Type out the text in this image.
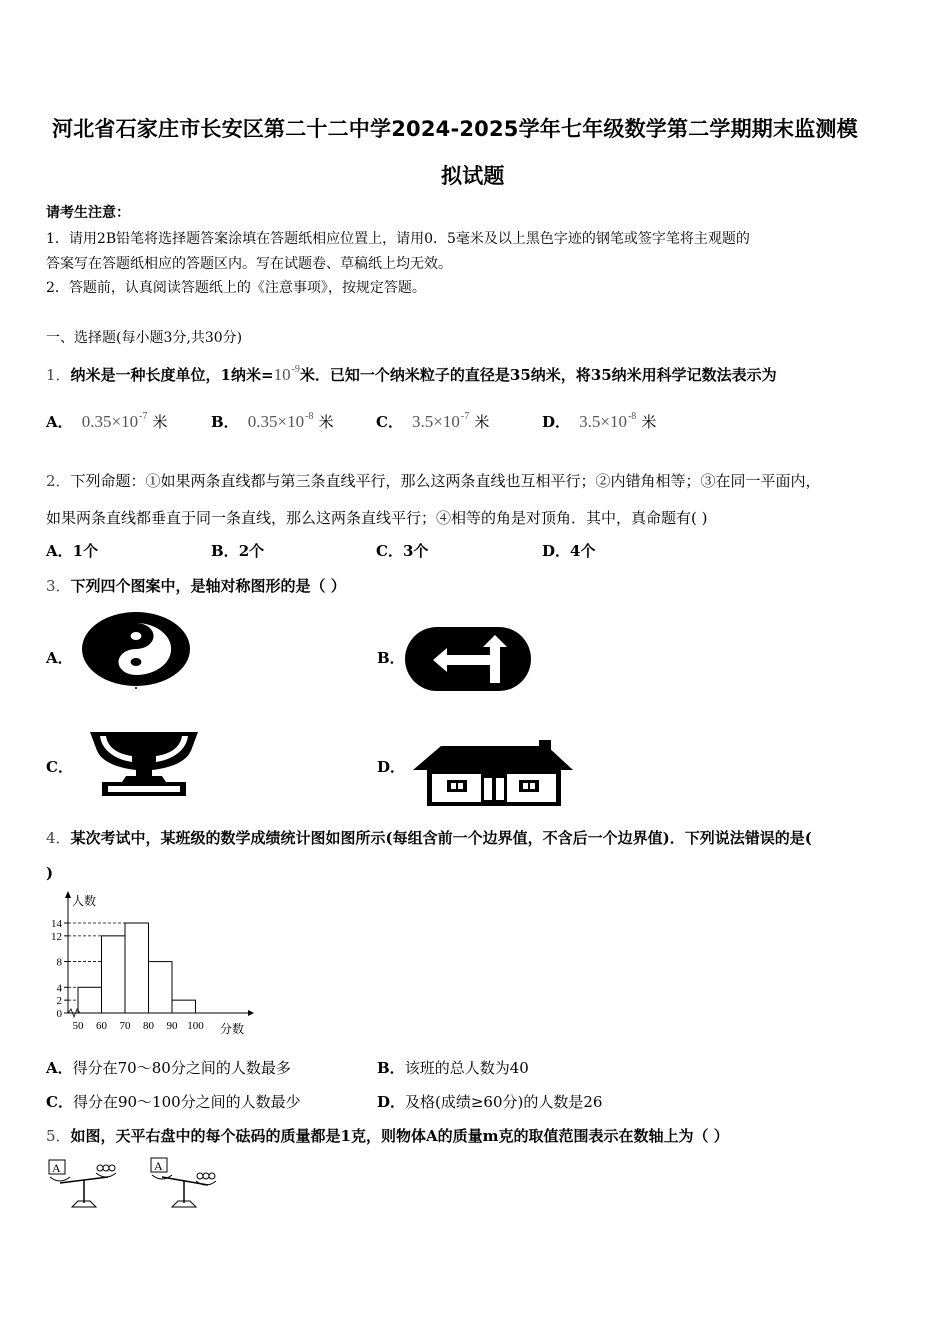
河北省石家庄市长安区第二十二中学2024-2025学年七年级数学第二学期期末监测模
拟试题
请考生注意：
1．请用2B铅笔将选择题答案涂填在答题纸相应位置上，请用0．5毫米及以上黑色字迹的钢笔或签字笔将主观题的
答案写在答题纸相应的答题区内。写在试题卷、草稿纸上均无效。
2．答题前，认真阅读答题纸上的《注意事项》，按规定答题。
一、选择题(每小题3分,共30分)
1．纳米是一种长度单位，1纳米$=10^{-9}$米．已知一个纳米粒子的直径是35纳米，将35纳米用科学记数法表示为
A． $0.35\times 10^{-7}$ 米	B． $0.35\times 10^{-8}$ 米	C． $3.5\times 10^{-7}$ 米	D． $3.5\times 10^{-8}$ 米
2．下列命题：①如果两条直线都与第三条直线平行，那么这两条直线也互相平行；②内错角相等；③在同一平面内，
如果两条直线都垂直于同一条直线，那么这两条直线平行；④相等的角是对顶角．其中，真命题有( )
A．1个	B．2个	C．3个	D．4个
3．下列四个图案中，是轴对称图形的是（ ）
A．	B．
C．	D．
4．某次考试中，某班级的数学成绩统计图如图所示(每组含前一个边界值，不含后一个边界值)．下列说法错误的是(
)
0
2
4
8
12
14
50 60 70 80 90 100
人数
分数
A．得分在70～80分之间的人数最多	B．该班的总人数为40
C．得分在90～100分之间的人数最少	D．及格(成绩≥60分)的人数是26
5．如图，天平右盘中的每个砝码的质量都是1克，则物体A的质量m克的取值范围表示在数轴上为（ ）
A	A
